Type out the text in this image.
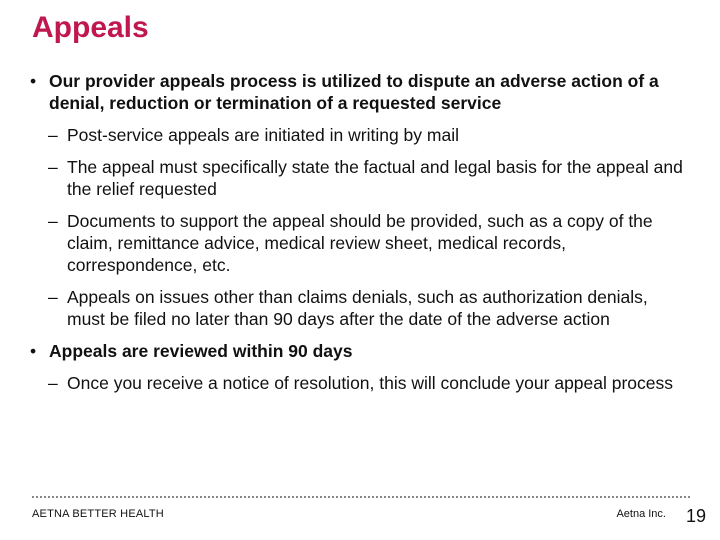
Appeals
• Our provider appeals process is utilized to dispute an adverse action of a denial, reduction or termination of a requested service
– Post-service appeals are initiated in writing by mail
– The appeal must specifically state the factual and legal basis for the appeal and the relief requested
– Documents to support the appeal should be provided, such as a copy of the claim, remittance advice, medical review sheet, medical records, correspondence, etc.
– Appeals on issues other than claims denials, such as authorization denials, must be filed no later than 90 days after the date of the adverse action
• Appeals are reviewed within 90 days
– Once you receive a notice of resolution, this will conclude your appeal process
AETNA BETTER HEALTH	Aetna Inc. 19
